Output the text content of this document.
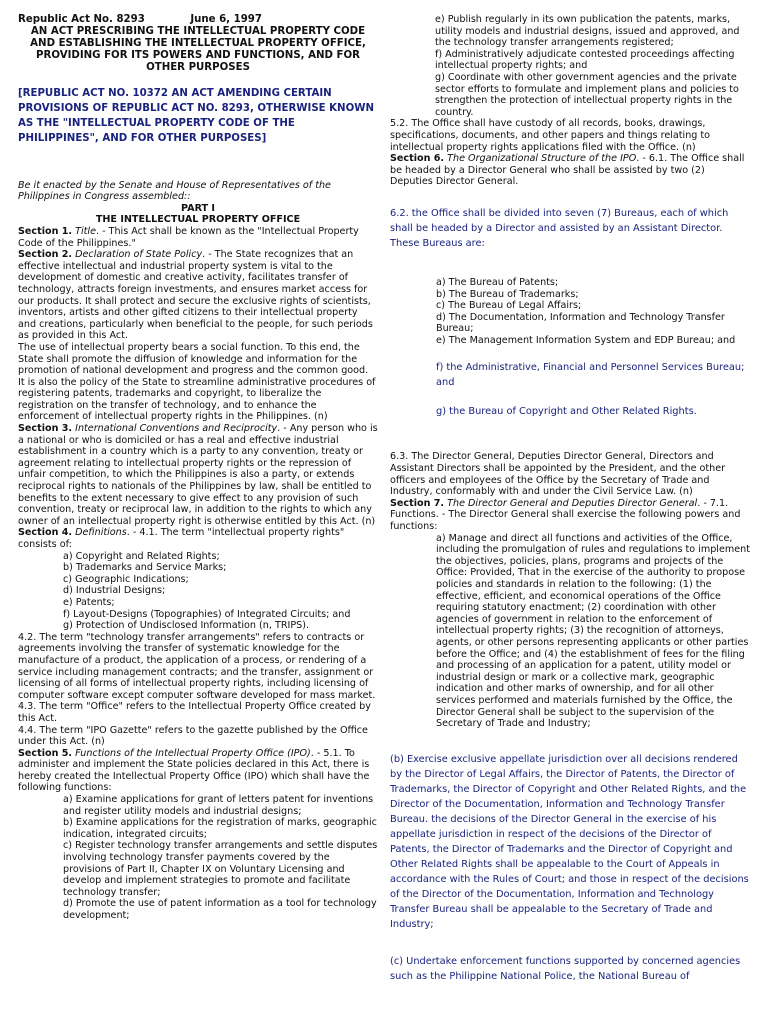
Republic Act No. 8293	June 6, 1997

AN ACT PRESCRIBING THE INTELLECTUAL PROPERTY CODE AND ESTABLISHING THE INTELLECTUAL PROPERTY OFFICE, PROVIDING FOR ITS POWERS AND FUNCTIONS, AND FOR OTHER PURPOSES

[REPUBLIC ACT NO. 10372 AN ACT AMENDING CERTAIN PROVISIONS OF REPUBLIC ACT NO. 8293, OTHERWISE KNOWN AS THE "INTELLECTUAL PROPERTY CODE OF THE PHILIPPINES", AND FOR OTHER PURPOSES]

Be it enacted by the Senate and House of Representatives of the Philippines in Congress assembled::

PART I

THE INTELLECTUAL PROPERTY OFFICE

Section 1. Title. - This Act shall be known as the "Intellectual Property Code of the Philippines."

Section 2. Declaration of State Policy. - The State recognizes that an effective intellectual and industrial property system is vital to the development of domestic and creative activity, facilitates transfer of technology, attracts foreign investments, and ensures market access for our products. It shall protect and secure the exclusive rights of scientists, inventors, artists and other gifted citizens to their intellectual property and creations, particularly when beneficial to the people, for such periods as provided in this Act.

The use of intellectual property bears a social function. To this end, the State shall promote the diffusion of knowledge and information for the promotion of national development and progress and the common good.

It is also the policy of the State to streamline administrative procedures of registering patents, trademarks and copyright, to liberalize the registration on the transfer of technology, and to enhance the enforcement of intellectual property rights in the Philippines. (n)

Section 3. International Conventions and Reciprocity. - Any person who is a national or who is domiciled or has a real and effective industrial establishment in a country which is a party to any convention, treaty or agreement relating to intellectual property rights or the repression of unfair competition, to which the Philippines is also a party, or extends reciprocal rights to nationals of the Philippines by law, shall be entitled to benefits to the extent necessary to give effect to any provision of such convention, treaty or reciprocal law, in addition to the rights to which any owner of an intellectual property right is otherwise entitled by this Act. (n)

Section 4. Definitions. - 4.1. The term "intellectual property rights" consists of:

a) Copyright and Related Rights;

b) Trademarks and Service Marks;

c) Geographic Indications;

d) Industrial Designs;

e) Patents;

f) Layout-Designs (Topographies) of Integrated Circuits; and

g) Protection of Undisclosed Information (n, TRIPS).

4.2. The term "technology transfer arrangements" refers to contracts or agreements involving the transfer of systematic knowledge for the manufacture of a product, the application of a process, or rendering of a service including management contracts; and the transfer, assignment or licensing of all forms of intellectual property rights, including licensing of computer software except computer software developed for mass market.

4.3. The term "Office" refers to the Intellectual Property Office created by this Act.

4.4. The term "IPO Gazette" refers to the gazette published by the Office under this Act. (n)

Section 5. Functions of the Intellectual Property Office (IPO). - 5.1. To administer and implement the State policies declared in this Act, there is hereby created the Intellectual Property Office (IPO) which shall have the following functions:

a) Examine applications for grant of letters patent for inventions and register utility models and industrial designs;

b) Examine applications for the registration of marks, geographic indication, integrated circuits;

c) Register technology transfer arrangements and settle disputes involving technology transfer payments covered by the provisions of Part II, Chapter IX on Voluntary Licensing and develop and implement strategies to promote and facilitate technology transfer;

d) Promote the use of patent information as a tool for technology development;

e) Publish regularly in its own publication the patents, marks, utility models and industrial designs, issued and approved, and the technology transfer arrangements registered;

f) Administratively adjudicate contested proceedings affecting intellectual property rights; and

g) Coordinate with other government agencies and the private sector efforts to formulate and implement plans and policies to strengthen the protection of intellectual property rights in the country.

5.2. The Office shall have custody of all records, books, drawings, specifications, documents, and other papers and things relating to intellectual property rights applications filed with the Office. (n)

Section 6. The Organizational Structure of the IPO. - 6.1. The Office shall be headed by a Director General who shall be assisted by two (2) Deputies Director General.

6.2. the Office shall be divided into seven (7) Bureaus, each of which shall be headed by a Director and assisted by an Assistant Director. These Bureaus are:

a) The Bureau of Patents;

b) The Bureau of Trademarks;

c) The Bureau of Legal Affairs;

d) The Documentation, Information and Technology Transfer Bureau;

e) The Management Information System and EDP Bureau; and

f) the Administrative, Financial and Personnel Services Bureau; and

g) the Bureau of Copyright and Other Related Rights.

6.3. The Director General, Deputies Director General, Directors and Assistant Directors shall be appointed by the President, and the other officers and employees of the Office by the Secretary of Trade and Industry, conformably with and under the Civil Service Law. (n)

Section 7. The Director General and Deputies Director General. - 7.1. Functions. - The Director General shall exercise the following powers and functions:

a) Manage and direct all functions and activities of the Office, including the promulgation of rules and regulations to implement the objectives, policies, plans, programs and projects of the Office: Provided, That in the exercise of the authority to propose policies and standards in relation to the following: (1) the effective, efficient, and economical operations of the Office requiring statutory enactment; (2) coordination with other agencies of government in relation to the enforcement of intellectual property rights; (3) the recognition of attorneys, agents, or other persons representing applicants or other parties before the Office; and (4) the establishment of fees for the filing and processing of an application for a patent, utility model or industrial design or mark or a collective mark, geographic indication and other marks of ownership, and for all other services performed and materials furnished by the Office, the Director General shall be subject to the supervision of the Secretary of Trade and Industry;

(b) Exercise exclusive appellate jurisdiction over all decisions rendered by the Director of Legal Affairs, the Director of Patents, the Director of Trademarks, the Director of Copyright and Other Related Rights, and the Director of the Documentation, Information and Technology Transfer Bureau. the decisions of the Director General in the exercise of his appellate jurisdiction in respect of the decisions of the Director of Patents, the Director of Trademarks and the Director of Copyright and Other Related Rights shall be appealable to the Court of Appeals in accordance with the Rules of Court; and those in respect of the decisions of the Director of the Documentation, Information and Technology Transfer Bureau shall be appealable to the Secretary of Trade and Industry;

(c) Undertake enforcement functions supported by concerned agencies such as the Philippine National Police, the National Bureau of
